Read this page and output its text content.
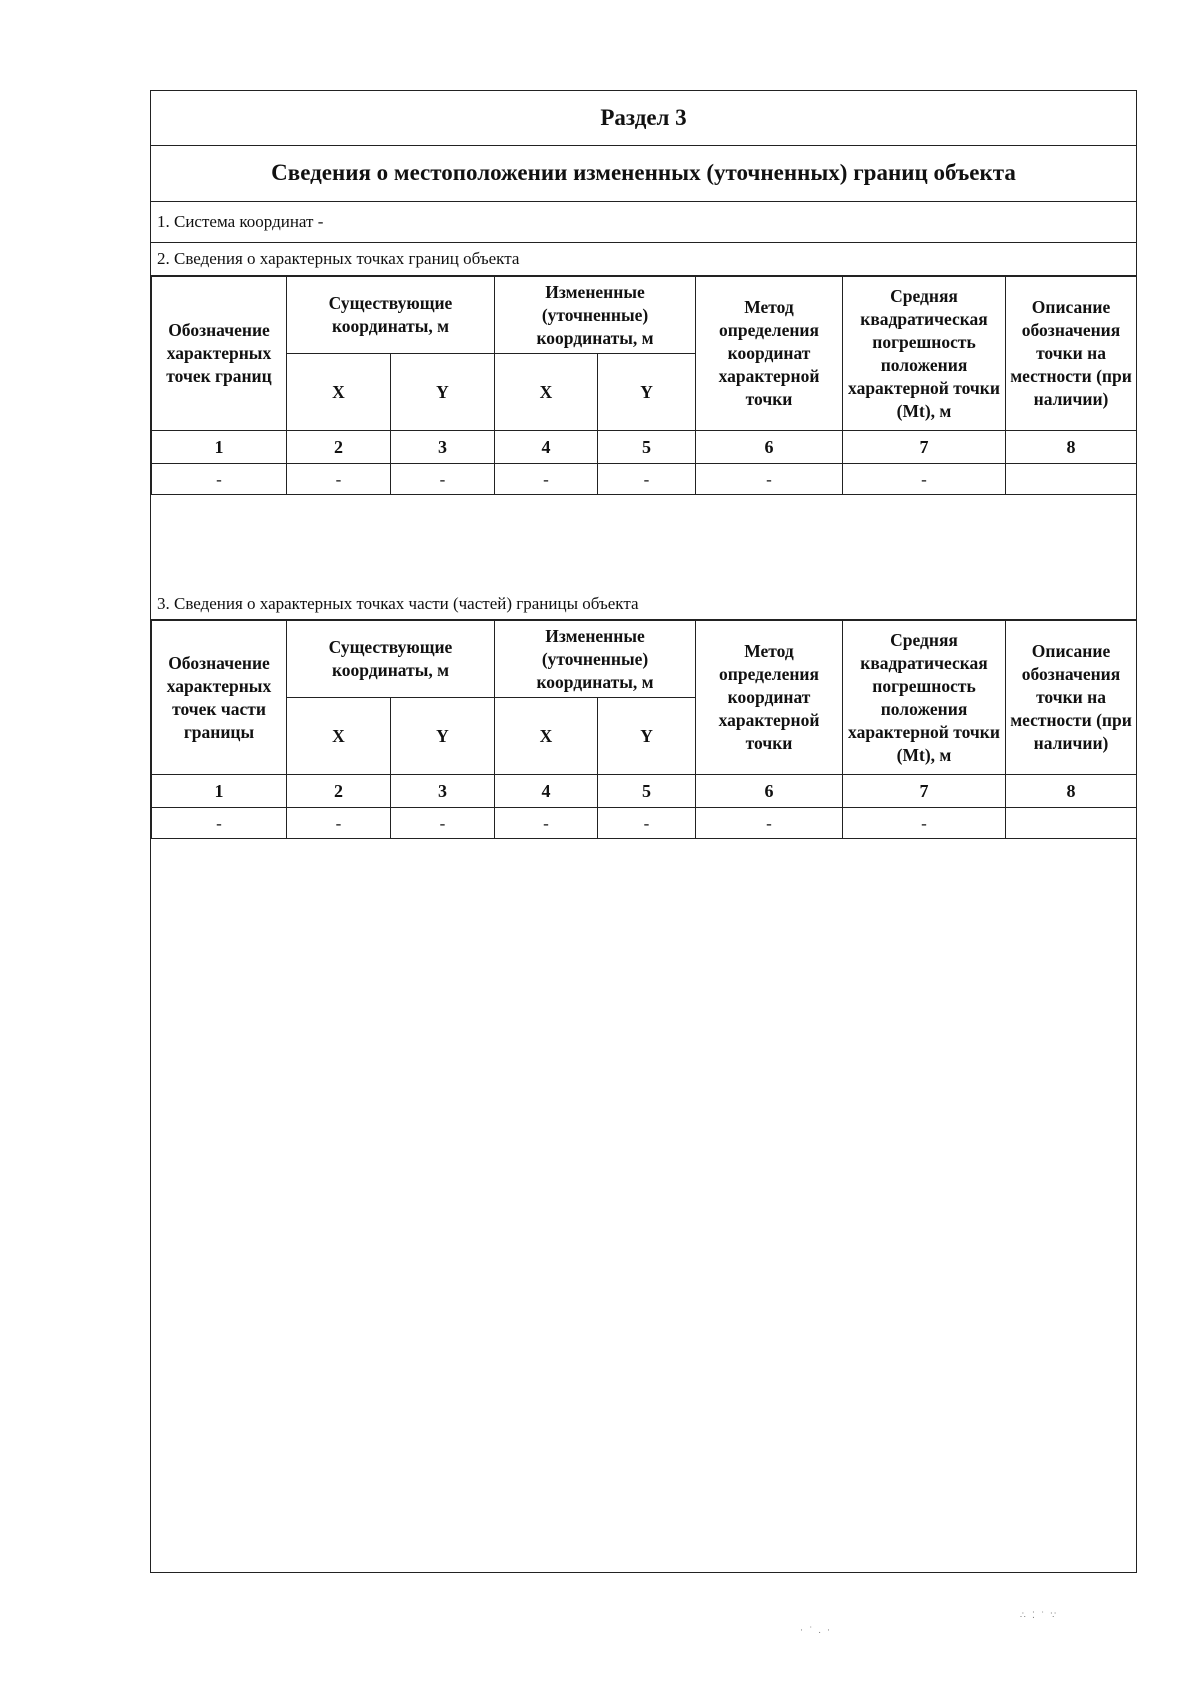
Раздел 3
Сведения о местоположении измененных (уточненных) границ объекта
1. Система координат -
2. Сведения о характерных точках границ объекта
Обозначение характерных точек границ	Существующие координаты, м		Измененные (уточненные) координаты, м		Метод определения координат характерной точки	Средняя квадратическая погрешность положения характерной точки (Mt), м	Описание обозначения точки на местности (при наличии)
	X	Y	X	Y			
1	2	3	4	5	6	7	8
-	-	-	-	-	-	-	
3. Сведения о характерных точках части (частей) границы объекта
Обозначение характерных точек части границы	Существующие координаты, м		Измененные (уточненные) координаты, м		Метод определения координат характерной точки	Средняя квадратическая погрешность положения характерной точки (Mt), м	Описание обозначения точки на местности (при наличии)
	X	Y	X	Y			
1	2	3	4	5	6	7	8
-	-	-	-	-	-	-	
· ˙ . ·
∴ ⁚ ˙ ∵
